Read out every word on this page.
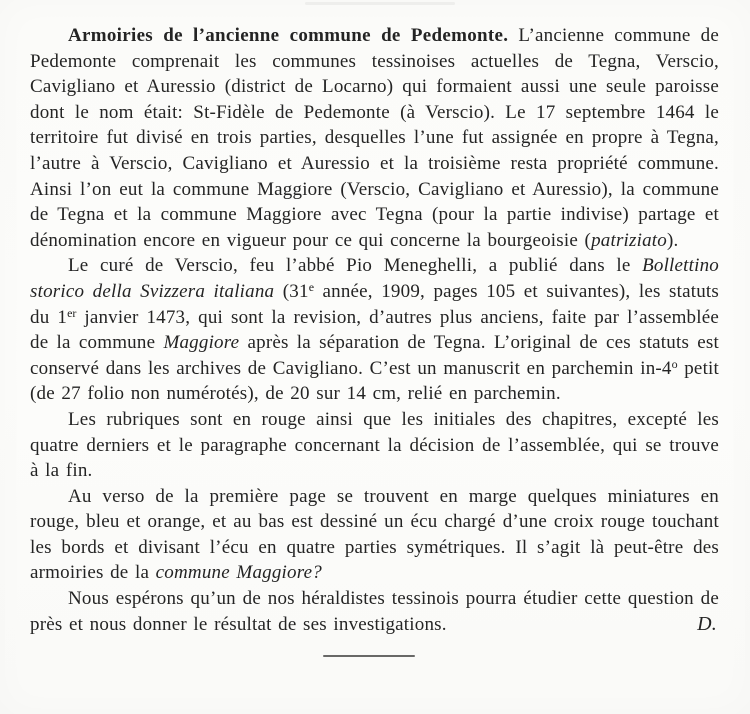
Armoiries de l’ancienne commune de Pedemonte. L’ancienne commune de Pedemonte comprenait les communes tessinoises actuelles de Tegna, Verscio, Cavigliano et Auressio (district de Locarno) qui formaient aussi une seule paroisse dont le nom était: St-Fidèle de Pedemonte (à Verscio). Le 17 septembre 1464 le territoire fut divisé en trois parties, desquelles l’une fut assignée en propre à Tegna, l’autre à Verscio, Cavigliano et Auressio et la troisième resta propriété commune. Ainsi l’on eut la commune Maggiore (Verscio, Cavigliano et Auressio), la commune de Tegna et la commune Maggiore avec Tegna (pour la partie indivise) partage et dénomination encore en vigueur pour ce qui concerne la bourgeoisie (patriziato).

Le curé de Verscio, feu l’abbé Pio Meneghelli, a publié dans le Bollettino storico della Svizzera italiana (31e année, 1909, pages 105 et suivantes), les statuts du 1er janvier 1473, qui sont la revision, d’autres plus anciens, faite par l’assemblée de la commune Maggiore après la séparation de Tegna. L’original de ces statuts est conservé dans les archives de Cavigliano. C’est un manuscrit en parchemin in-4$^o$ petit (de 27 folio non numérotés), de 20 sur 14 cm, relié en parchemin.

Les rubriques sont en rouge ainsi que les initiales des chapitres, excepté les quatre derniers et le paragraphe concernant la décision de l’assemblée, qui se trouve à la fin.

Au verso de la première page se trouvent en marge quelques miniatures en rouge, bleu et orange, et au bas est dessiné un écu chargé d’une croix rouge touchant les bords et divisant l’écu en quatre parties symétriques. Il s’agit là peut-être des armoiries de la commune Maggiore?

Nous espérons qu’un de nos héraldistes tessinois pourra étudier cette question de près et nous donner le résultat de ses investigations.	D.
